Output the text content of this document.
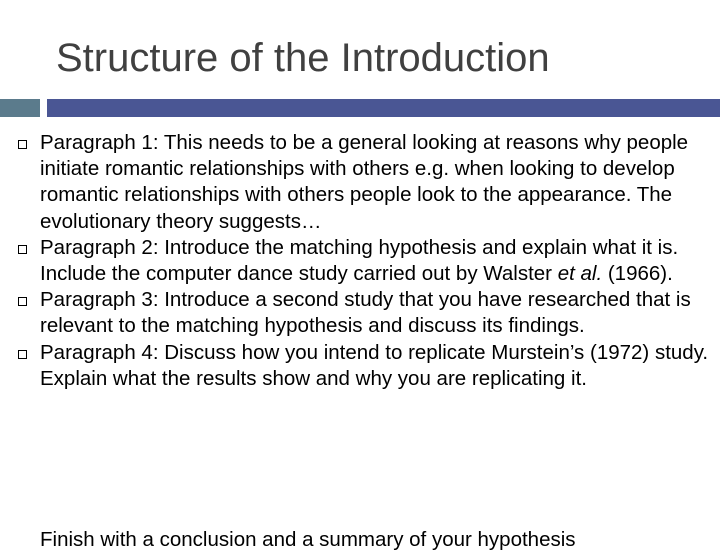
Structure of the Introduction
Paragraph 1: This needs to be a general looking at reasons why people initiate romantic relationships with others e.g. when looking to develop romantic relationships with others people look to the appearance. The evolutionary theory suggests…
Paragraph 2: Introduce the matching hypothesis and explain what it is. Include the computer dance study carried out by Walster et al. (1966).
Paragraph 3: Introduce a second study that you have researched that is relevant to the matching hypothesis and discuss its findings.
Paragraph 4: Discuss how you intend to replicate Murstein’s (1972) study. Explain what the results show and why you are replicating it.
Finish with a conclusion and a summary of your hypothesis
